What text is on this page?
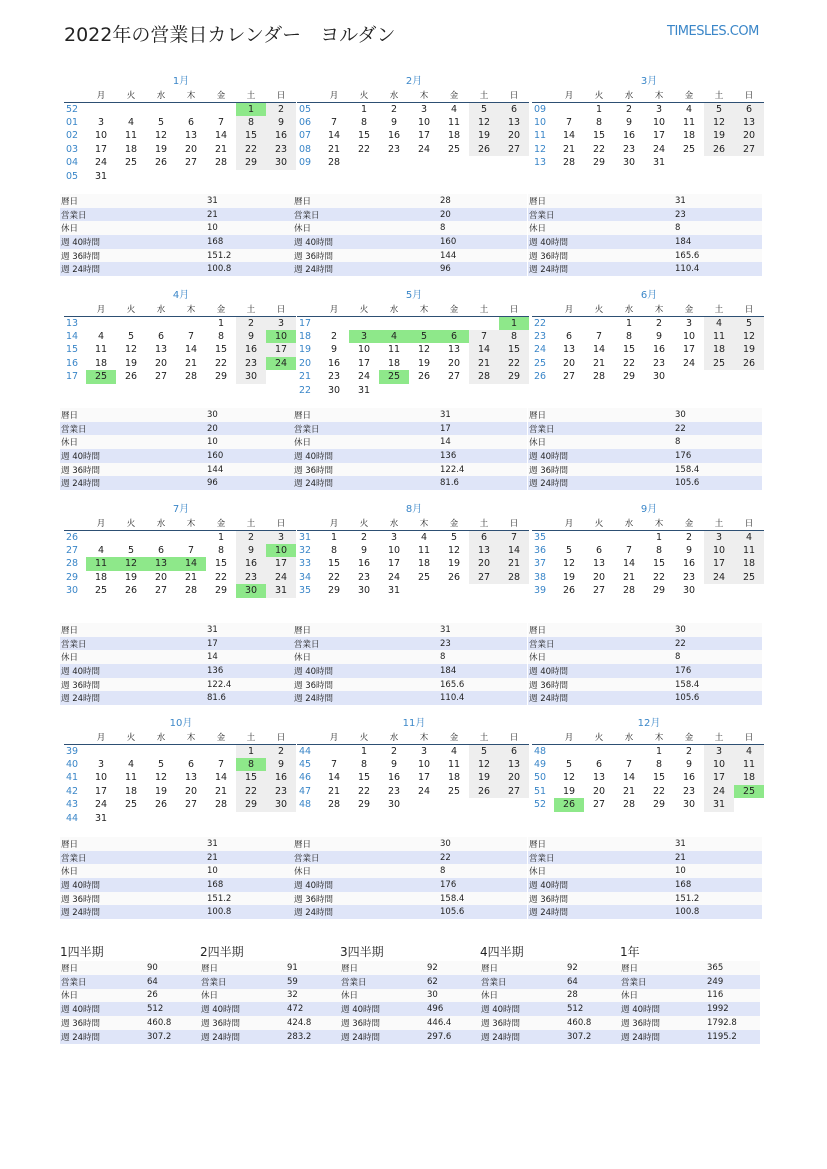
2022年の営業日カレンダー　ヨルダン	TIMESLES.COM
1月
	月	火	水	木	金	土	日
52						1	2
01	3	4	5	6	7	8	9
02	10	11	12	13	14	15	16
03	17	18	19	20	21	22	23
04	24	25	26	27	28	29	30
05	31						
暦日	31
営業日	21
休日	10
週 40時間	168
週 36時間	151.2
週 24時間	100.8
2月
	月	火	水	木	金	土	日
05		1	2	3	4	5	6
06	7	8	9	10	11	12	13
07	14	15	16	17	18	19	20
08	21	22	23	24	25	26	27
09	28						
暦日	28
営業日	20
休日	8
週 40時間	160
週 36時間	144
週 24時間	96
3月
	月	火	水	木	金	土	日
09		1	2	3	4	5	6
10	7	8	9	10	11	12	13
11	14	15	16	17	18	19	20
12	21	22	23	24	25	26	27
13	28	29	30	31			
暦日	31
営業日	23
休日	8
週 40時間	184
週 36時間	165.6
週 24時間	110.4
4月
	月	火	水	木	金	土	日
13					1	2	3
14	4	5	6	7	8	9	10
15	11	12	13	14	15	16	17
16	18	19	20	21	22	23	24
17	25	26	27	28	29	30	
暦日	30
営業日	20
休日	10
週 40時間	160
週 36時間	144
週 24時間	96
5月
	月	火	水	木	金	土	日
17							1
18	2	3	4	5	6	7	8
19	9	10	11	12	13	14	15
20	16	17	18	19	20	21	22
21	23	24	25	26	27	28	29
22	30	31					
暦日	31
営業日	17
休日	14
週 40時間	136
週 36時間	122.4
週 24時間	81.6
6月
	月	火	水	木	金	土	日
22			1	2	3	4	5
23	6	7	8	9	10	11	12
24	13	14	15	16	17	18	19
25	20	21	22	23	24	25	26
26	27	28	29	30			
暦日	30
営業日	22
休日	8
週 40時間	176
週 36時間	158.4
週 24時間	105.6
7月
	月	火	水	木	金	土	日
26					1	2	3
27	4	5	6	7	8	9	10
28	11	12	13	14	15	16	17
29	18	19	20	21	22	23	24
30	25	26	27	28	29	30	31
暦日	31
営業日	17
休日	14
週 40時間	136
週 36時間	122.4
週 24時間	81.6
8月
	月	火	水	木	金	土	日
31	1	2	3	4	5	6	7
32	8	9	10	11	12	13	14
33	15	16	17	18	19	20	21
34	22	23	24	25	26	27	28
35	29	30	31				
暦日	31
営業日	23
休日	8
週 40時間	184
週 36時間	165.6
週 24時間	110.4
9月
	月	火	水	木	金	土	日
35				1	2	3	4
36	5	6	7	8	9	10	11
37	12	13	14	15	16	17	18
38	19	20	21	22	23	24	25
39	26	27	28	29	30		
暦日	30
営業日	22
休日	8
週 40時間	176
週 36時間	158.4
週 24時間	105.6
10月
	月	火	水	木	金	土	日
39						1	2
40	3	4	5	6	7	8	9
41	10	11	12	13	14	15	16
42	17	18	19	20	21	22	23
43	24	25	26	27	28	29	30
44	31						
暦日	31
営業日	21
休日	10
週 40時間	168
週 36時間	151.2
週 24時間	100.8
11月
	月	火	水	木	金	土	日
44		1	2	3	4	5	6
45	7	8	9	10	11	12	13
46	14	15	16	17	18	19	20
47	21	22	23	24	25	26	27
48	28	29	30				
暦日	30
営業日	22
休日	8
週 40時間	176
週 36時間	158.4
週 24時間	105.6
12月
	月	火	水	木	金	土	日
48				1	2	3	4
49	5	6	7	8	9	10	11
50	12	13	14	15	16	17	18
51	19	20	21	22	23	24	25
52	26	27	28	29	30	31	
暦日	31
営業日	21
休日	10
週 40時間	168
週 36時間	151.2
週 24時間	100.8
1四半期
暦日	90
営業日	64
休日	26
週 40時間	512
週 36時間	460.8
週 24時間	307.2
2四半期
暦日	91
営業日	59
休日	32
週 40時間	472
週 36時間	424.8
週 24時間	283.2
3四半期
暦日	92
営業日	62
休日	30
週 40時間	496
週 36時間	446.4
週 24時間	297.6
4四半期
暦日	92
営業日	64
休日	28
週 40時間	512
週 36時間	460.8
週 24時間	307.2
1年
暦日	365
営業日	249
休日	116
週 40時間	1992
週 36時間	1792.8
週 24時間	1195.2
